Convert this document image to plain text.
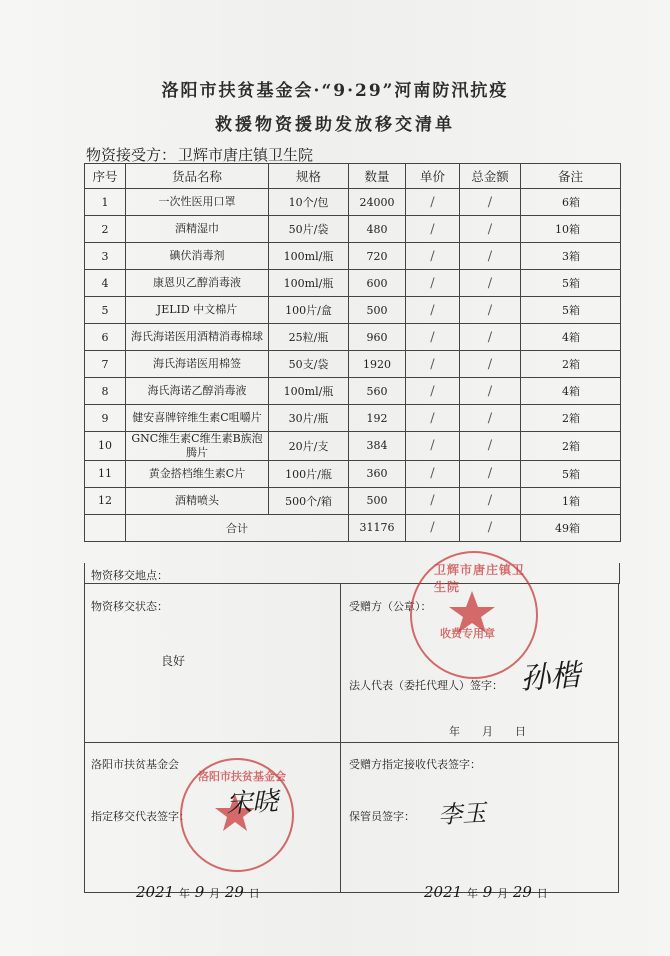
洛阳市扶贫基金会·“9·29”河南防汛抗疫
救援物资援助发放移交清单
物资接受方： 卫辉市唐庄镇卫生院
序号	货品名称	规格	数量	单价	总金额	备注
1	一次性医用口罩	10个/包	24000	/	/	6箱
2	酒精湿巾	50片/袋	480	/	/	10箱
3	碘伏消毒剂	100ml/瓶	720	/	/	3箱
4	康恩贝乙醇消毒液	100ml/瓶	600	/	/	5箱
5	JELID 中文棉片	100片/盒	500	/	/	5箱
6	海氏海诺医用酒精消毒棉球	25粒/瓶	960	/	/	4箱
7	海氏海诺医用棉签	50支/袋	1920	/	/	2箱
8	海氏海诺乙醇消毒液	100ml/瓶	560	/	/	4箱
9	健安喜牌锌维生素C咀嚼片	30片/瓶	192	/	/	2箱
10	GNC维生素C维生素B族泡腾片	20片/支	384	/	/	2箱
11	黄金搭档维生素C片	100片/瓶	360	/	/	5箱
12	酒精喷头	500个/箱	500	/	/	1箱
	合计		31176	/	/	49箱
物资移交地点：
物资移交状态：
良好
受赠方（公章）：
法人代表（委托代理人）签字：
年　　月　　日
洛阳市扶贫基金会
指定移交代表签字：
受赠方指定接收代表签字：
保管员签字：
2021 年 9 月 29 日	2021 年 9 月 29 日
卫辉市唐庄镇卫生院
收费专用章
洛阳市扶贫基金会
孙楷
宋晓	李玉
